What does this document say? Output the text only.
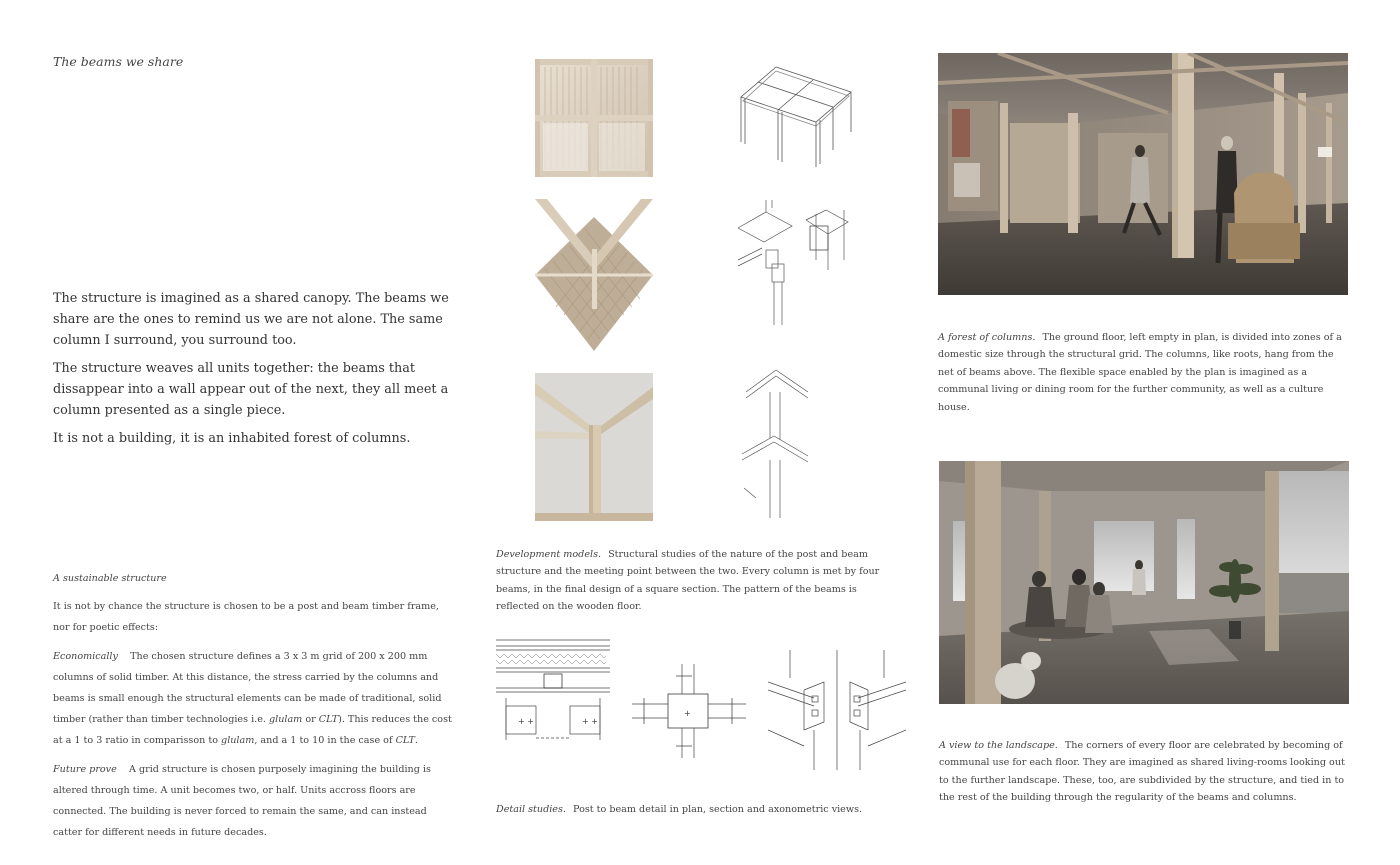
The beams we share

The structure is imagined as a shared canopy. The beams we share are the ones to remind us we are not alone. The same column I surround, you surround too.

The structure weaves all units together: the beams that dissappear into a wall appear out of the next, they all meet a column presented as a single piece.

It is not a building, it is an inhabited forest of columns.

A sustainable structure

It is not by chance the structure is chosen to be a post and beam timber frame, nor for poetic effects:

Economically The chosen structure defines a 3 x 3 m grid of 200 x 200 mm columns of solid timber. At this distance, the stress carried by the columns and beams is small enough the structural elements can be made of traditional, solid timber (rather than timber technologies i.e. glulam or CLT). This reduces the cost at a 1 to 3 ratio in comparisson to glulam, and a 1 to 10 in the case of CLT.

Future prove A grid structure is chosen purposely imagining the building is altered through time. A unit becomes two, or half. Units accross floors are connected. The building is never forced to remain the same, and can instead catter for different needs in future decades.

Development models. Structural studies of the nature of the post and beam structure and the meeting point between the two. Every column is met by four beams, in the final design of a square section. The pattern of the beams is reflected on the wooden floor.
+ +	+ +
+
Detail studies. Post to beam detail in plan, section and axonometric views.
A forest of columns. The ground floor, left empty in plan, is divided into zones of a domestic size through the structural grid. The columns, like roots, hang from the net of beams above. The flexible space enabled by the plan is imagined as a communal living or dining room for the further community, as well as a culture house.
A view to the landscape. The corners of every floor are celebrated by becoming of communal use for each floor. They are imagined as shared living-rooms looking out to the further landscape. These, too, are subdivided by the structure, and tied in to the rest of the building through the regularity of the beams and columns.
